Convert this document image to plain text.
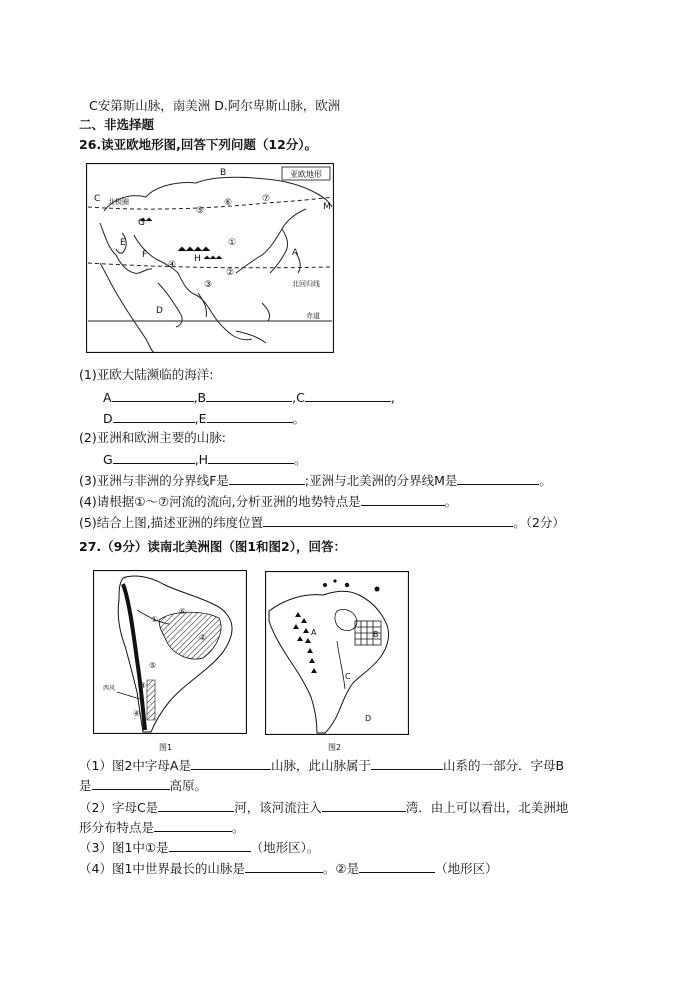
C安第斯山脉，南美洲 D.阿尔卑斯山脉，欧洲
二、非选择题
26.读亚欧地形图,回答下列问题（12分）。
亚欧地形
北极圈
北回归线
赤道
A
B
C
D
E
F
G
H
M
①
②
③
④
⑤
⑥	⑦
(1)亚欧大陆濒临的海洋:
A	,B	,C	,
D	,E	。
(2)亚洲和欧洲主要的山脉:
G	,H	。
(3)亚洲与非洲的分界线F是	;亚洲与北美洲的分界线M是	。
(4)请根据①～⑦河流的流向,分析亚洲的地势特点是	。
(5)结合上图,描述亚洲的纬度位置	。（2分）
27.（9分）读南北美洲图（图1和图2），回答：
①
②
③
④
⑤
⑥
西风
图1
A	B
C
D
图2
（1）图2中字母A是	山脉，此山脉属于	山系的一部分．字母B
是	高原。
（2）字母C是	河，该河流注入	湾．由上可以看出，北美洲地
形分布特点是	。
（3）图1中①是	（地形区）。
（4）图1中世界最长的山脉是	。②是	（地形区）
